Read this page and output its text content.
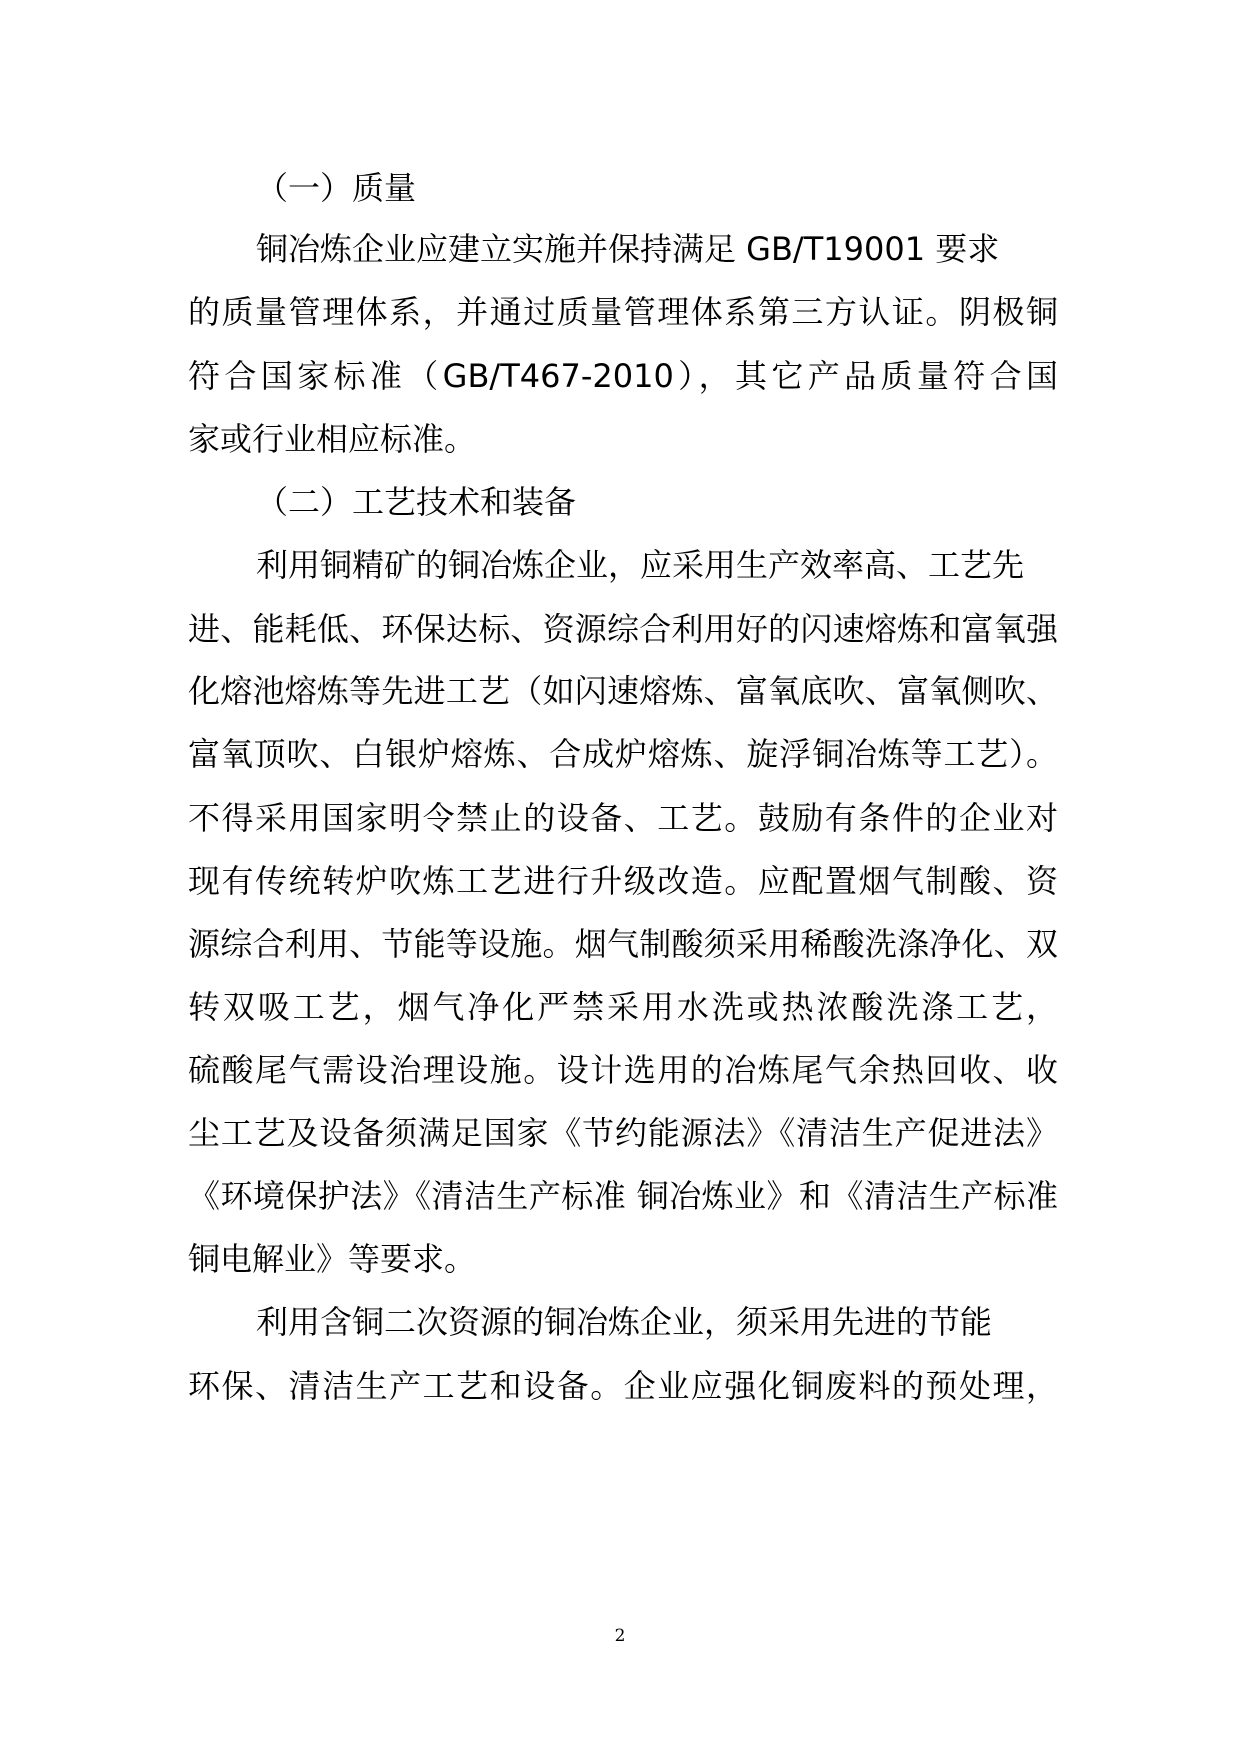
（一）质量
铜冶炼企业应建立实施并保持满足 GB/T19001 要求
的质量管理体系，并通过质量管理体系第三方认证。阴极铜
符合国家标准（GB/T467-2010），其它产品质量符合国
家或行业相应标准。
（二）工艺技术和装备
利用铜精矿的铜冶炼企业，应采用生产效率高、工艺先
进、能耗低、环保达标、资源综合利用好的闪速熔炼和富氧强
化熔池熔炼等先进工艺（如闪速熔炼、富氧底吹、富氧侧吹、
富氧顶吹、白银炉熔炼、合成炉熔炼、旋浮铜冶炼等工艺）。
不得采用国家明令禁止的设备、工艺。鼓励有条件的企业对
现有传统转炉吹炼工艺进行升级改造。应配置烟气制酸、资
源综合利用、节能等设施。烟气制酸须采用稀酸洗涤净化、双
转双吸工艺，烟气净化严禁采用水洗或热浓酸洗涤工艺，
硫酸尾气需设治理设施。设计选用的冶炼尾气余热回收、收
尘工艺及设备须满足国家《节约能源法》《清洁生产促进法》
《环境保护法》《清洁生产标准 铜冶炼业》和《清洁生产标准
铜电解业》等要求。
利用含铜二次资源的铜冶炼企业，须采用先进的节能
环保、清洁生产工艺和设备。企业应强化铜废料的预处理，
2
